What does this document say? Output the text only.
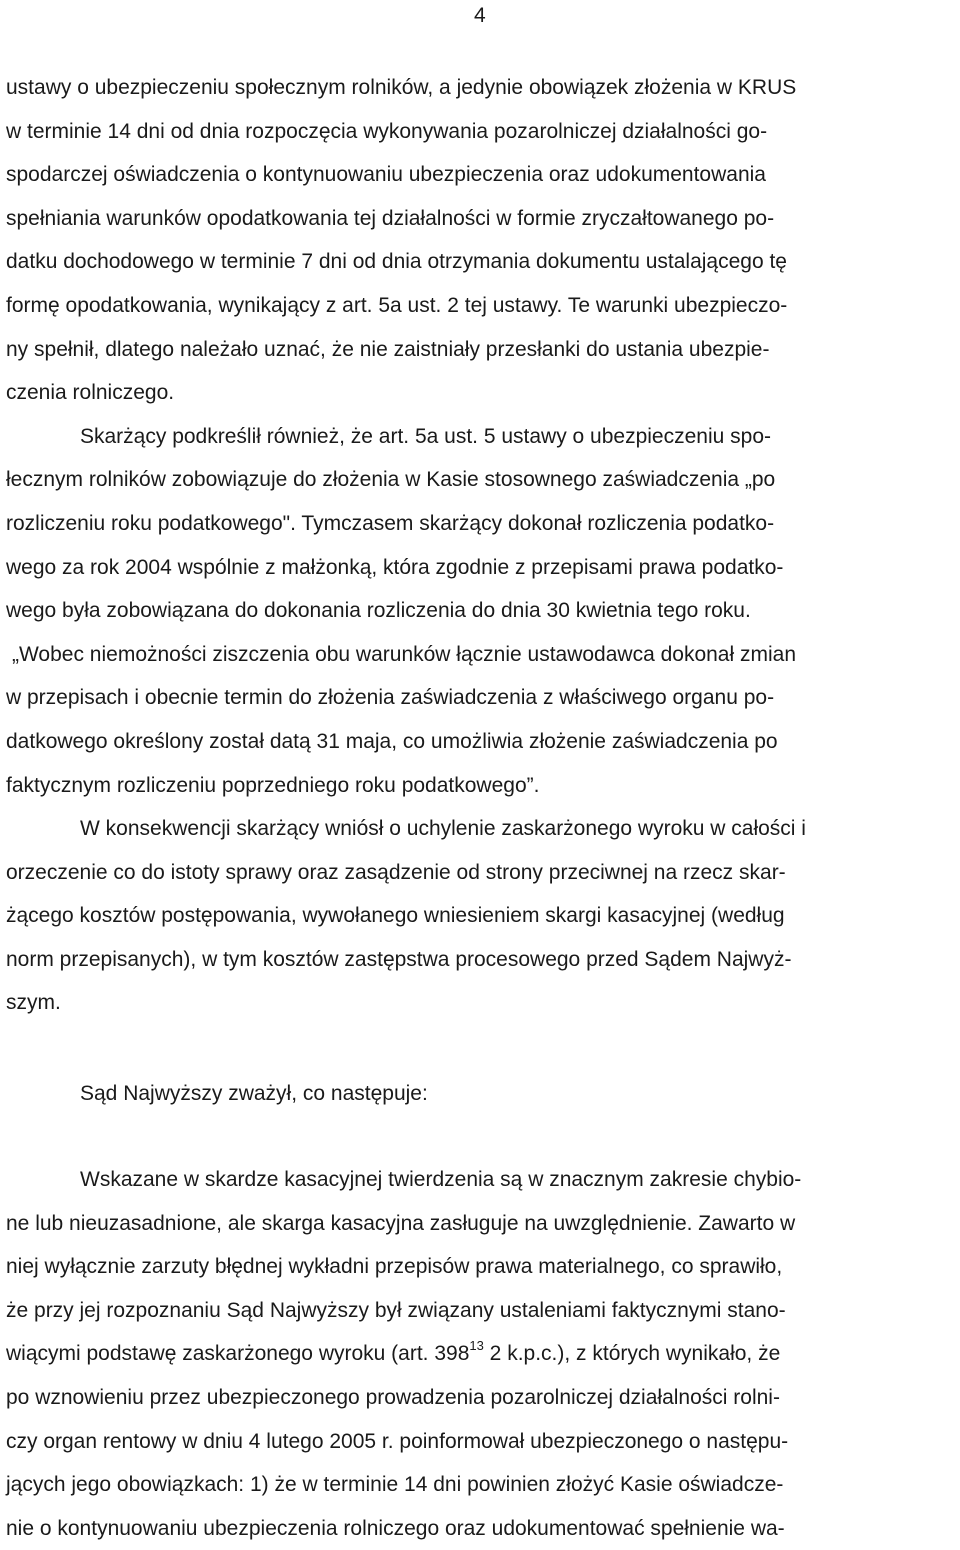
4
ustawy o ubezpieczeniu społecznym rolników, a jedynie obowiązek złożenia w KRUS
w terminie 14 dni od dnia rozpoczęcia wykonywania pozarolniczej działalności go-
spodarczej oświadczenia o kontynuowaniu ubezpieczenia oraz udokumentowania
spełniania warunków opodatkowania tej działalności w formie zryczałtowanego po-
datku dochodowego w terminie 7 dni od dnia otrzymania dokumentu ustalającego tę
formę opodatkowania, wynikający z art. 5a ust. 2 tej ustawy. Te warunki ubezpieczo-
ny spełnił, dlatego należało uznać, że nie zaistniały przesłanki do ustania ubezpie-
czenia rolniczego.
Skarżący podkreślił również, że art. 5a ust. 5 ustawy o ubezpieczeniu spo-
łecznym rolników zobowiązuje do złożenia w Kasie stosownego zaświadczenia „po
rozliczeniu roku podatkowego". Tymczasem skarżący dokonał rozliczenia podatko-
wego za rok 2004 wspólnie z małżonką, która zgodnie z przepisami prawa podatko-
wego była zobowiązana do dokonania rozliczenia do dnia 30 kwietnia tego roku.
„Wobec niemożności ziszczenia obu warunków łącznie ustawodawca dokonał zmian
w przepisach i obecnie termin do złożenia zaświadczenia z właściwego organu po-
datkowego określony został datą 31 maja, co umożliwia złożenie zaświadczenia po
faktycznym rozliczeniu poprzedniego roku podatkowego”.
W konsekwencji skarżący wniósł o uchylenie zaskarżonego wyroku w całości i
orzeczenie co do istoty sprawy oraz zasądzenie od strony przeciwnej na rzecz skar-
żącego kosztów postępowania, wywołanego wniesieniem skargi kasacyjnej (według
norm przepisanych), w tym kosztów zastępstwa procesowego przed Sądem Najwyż-
szym.
Sąd Najwyższy zważył, co następuje:
Wskazane w skardze kasacyjnej twierdzenia są w znacznym zakresie chybio-
ne lub nieuzasadnione, ale skarga kasacyjna zasługuje na uwzględnienie. Zawarto w
niej wyłącznie zarzuty błędnej wykładni przepisów prawa materialnego, co sprawiło,
że przy jej rozpoznaniu Sąd Najwyższy był związany ustaleniami faktycznymi stano-
wiącymi podstawę zaskarżonego wyroku (art. $398^{13}$ 2 k.p.c.), z których wynikało, że
po wznowieniu przez ubezpieczonego prowadzenia pozarolniczej działalności rolni-
czy organ rentowy w dniu 4 lutego 2005 r. poinformował ubezpieczonego o następu-
jących jego obowiązkach: 1) że w terminie 14 dni powinien złożyć Kasie oświadcze-
nie o kontynuowaniu ubezpieczenia rolniczego oraz udokumentować spełnienie wa-
